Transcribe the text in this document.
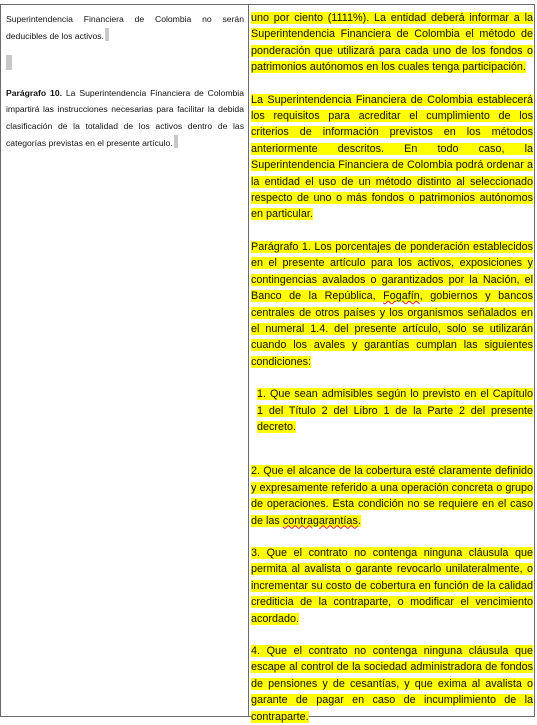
Superintendencia Financiera de Colombia no serán deducibles de los activos.

Parágrafo 10. La Superintendencia Financiera de Colombia impartirá las instrucciones necesarias para facilitar la debida clasificación de la totalidad de los activos dentro de las categorías previstas en el presente artículo.

uno por ciento (1111%). La entidad deberá informar a la Superintendencia Financiera de Colombia el método de ponderación que utilizará para cada uno de los fondos o patrimonios autónomos en los cuales tenga participación.

La Superintendencia Financiera de Colombia establecerá los requisitos para acreditar el cumplimiento de los criterios de información previstos en los métodos anteriormente descritos. En todo caso, la Superintendencia Financiera de Colombia podrá ordenar a la entidad el uso de un método distinto al seleccionado respecto de uno o más fondos o patrimonios autónomos en particular.

Parágrafo 1. Los porcentajes de ponderación establecidos en el presente artículo para los activos, exposiciones y contingencias avalados o garantizados por la Nación, el Banco de la República, Fogafín, gobiernos y bancos centrales de otros países y los organismos señalados en el numeral 1.4. del presente artículo, solo se utilizarán cuando los avales y garantías cumplan las siguientes condiciones:

1. Que sean admisibles según lo previsto en el Capítulo 1 del Título 2 del Libro 1 de la Parte 2 del presente decreto.

2. Que el alcance de la cobertura esté claramente definido y expresamente referido a una operación concreta o grupo de operaciones. Esta condición no se requiere en el caso de las contragarantías.

3. Que el contrato no contenga ninguna cláusula que permita al avalista o garante revocarlo unilateralmente, o incrementar su costo de cobertura en función de la calidad crediticia de la contraparte, o modificar el vencimiento acordado.

4. Que el contrato no contenga ninguna cláusula que escape al control de la sociedad administradora de fondos de pensiones y de cesantías, y que exima al avalista o garante de pagar en caso de incumplimiento de la contraparte.
